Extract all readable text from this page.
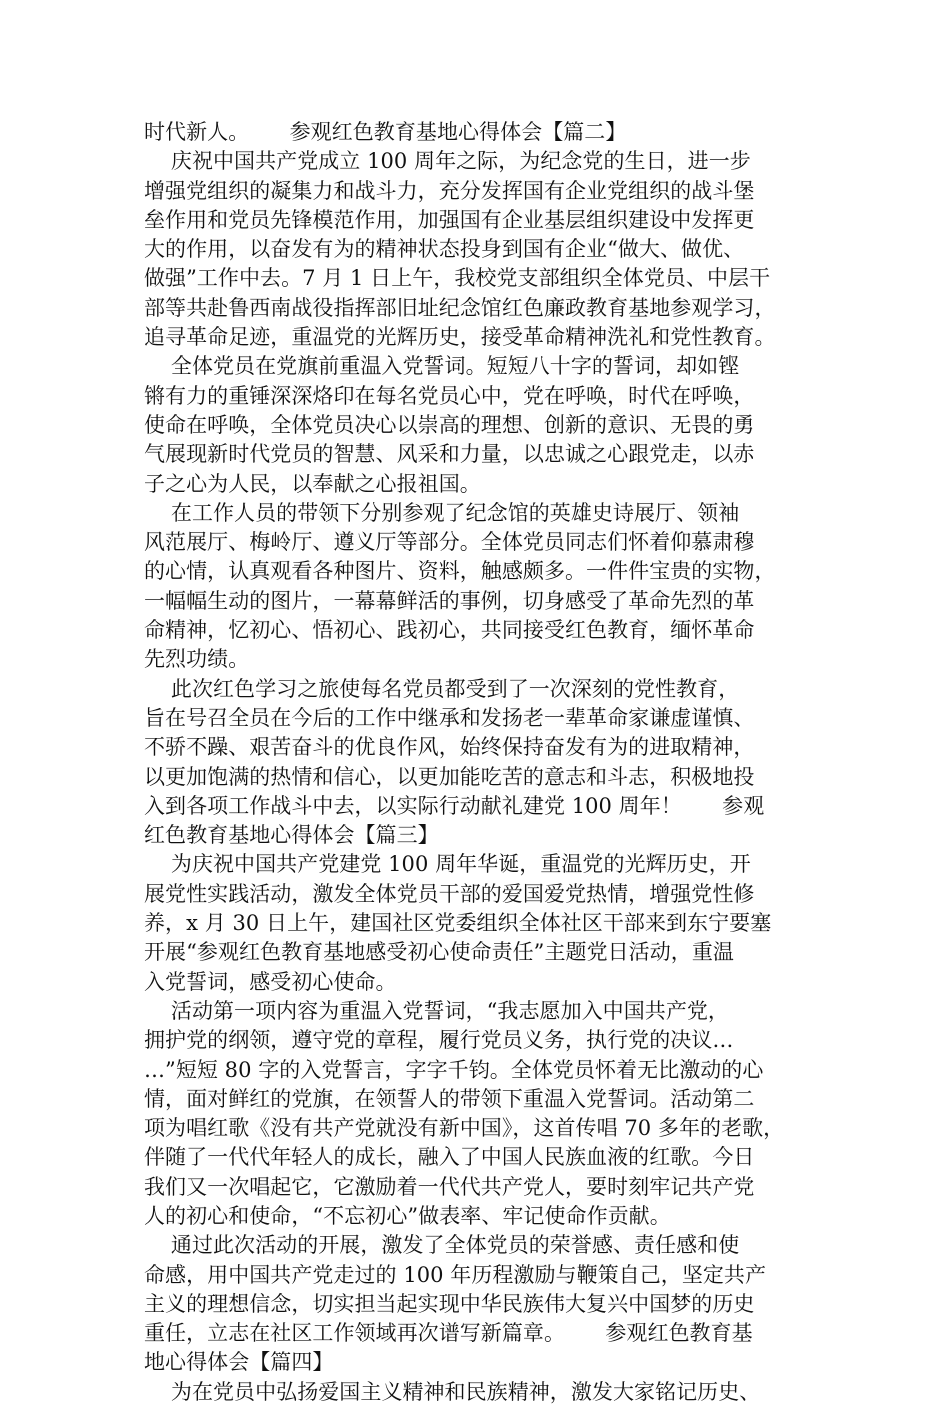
时代新人。      参观红色教育基地心得体会【篇二】
庆祝中国共产党成立 100 周年之际，为纪念党的生日，进一步
增强党组织的凝集力和战斗力，充分发挥国有企业党组织的战斗堡
垒作用和党员先锋模范作用，加强国有企业基层组织建设中发挥更
大的作用，以奋发有为的精神状态投身到国有企业“做大、做优、
做强”工作中去。7 月 1 日上午，我校党支部组织全体党员、中层干
部等共赴鲁西南战役指挥部旧址纪念馆红色廉政教育基地参观学习，
追寻革命足迹，重温党的光辉历史，接受革命精神洗礼和党性教育。
全体党员在党旗前重温入党誓词。短短八十字的誓词，却如铿
锵有力的重锤深深烙印在每名党员心中，党在呼唤，时代在呼唤，
使命在呼唤，全体党员决心以崇高的理想、创新的意识、无畏的勇
气展现新时代党员的智慧、风采和力量，以忠诚之心跟党走，以赤
子之心为人民，以奉献之心报祖国。
在工作人员的带领下分别参观了纪念馆的英雄史诗展厅、领袖
风范展厅、梅岭厅、遵义厅等部分。全体党员同志们怀着仰慕肃穆
的心情，认真观看各种图片、资料，触感颇多。一件件宝贵的实物，
一幅幅生动的图片，一幕幕鲜活的事例，切身感受了革命先烈的革
命精神，忆初心、悟初心、践初心，共同接受红色教育，缅怀革命
先烈功绩。
此次红色学习之旅使每名党员都受到了一次深刻的党性教育，
旨在号召全员在今后的工作中继承和发扬老一辈革命家谦虚谨慎、
不骄不躁、艰苦奋斗的优良作风，始终保持奋发有为的进取精神，
以更加饱满的热情和信心，以更加能吃苦的意志和斗志，积极地投
入到各项工作战斗中去，以实际行动献礼建党 100 周年！      参观
红色教育基地心得体会【篇三】
为庆祝中国共产党建党 100 周年华诞，重温党的光辉历史，开
展党性实践活动，激发全体党员干部的爱国爱党热情，增强党性修
养，x 月 30 日上午，建国社区党委组织全体社区干部来到东宁要塞
开展“参观红色教育基地感受初心使命责任”主题党日活动，重温
入党誓词，感受初心使命。
活动第一项内容为重温入党誓词，“我志愿加入中国共产党，
拥护党的纲领，遵守党的章程，履行党员义务，执行党的决议…
…”短短 80 字的入党誓言，字字千钧。全体党员怀着无比激动的心
情，面对鲜红的党旗，在领誓人的带领下重温入党誓词。活动第二
项为唱红歌《没有共产党就没有新中国》，这首传唱 70 多年的老歌，
伴随了一代代年轻人的成长，融入了中国人民族血液的红歌。今日
我们又一次唱起它，它激励着一代代共产党人，要时刻牢记共产党
人的初心和使命，“不忘初心”做表率、牢记使命作贡献。
通过此次活动的开展，激发了全体党员的荣誉感、责任感和使
命感，用中国共产党走过的 100 年历程激励与鞭策自己，坚定共产
主义的理想信念，切实担当起实现中华民族伟大复兴中国梦的历史
重任，立志在社区工作领域再次谱写新篇章。      参观红色教育基
地心得体会【篇四】
为在党员中弘扬爱国主义精神和民族精神，激发大家铭记历史、
